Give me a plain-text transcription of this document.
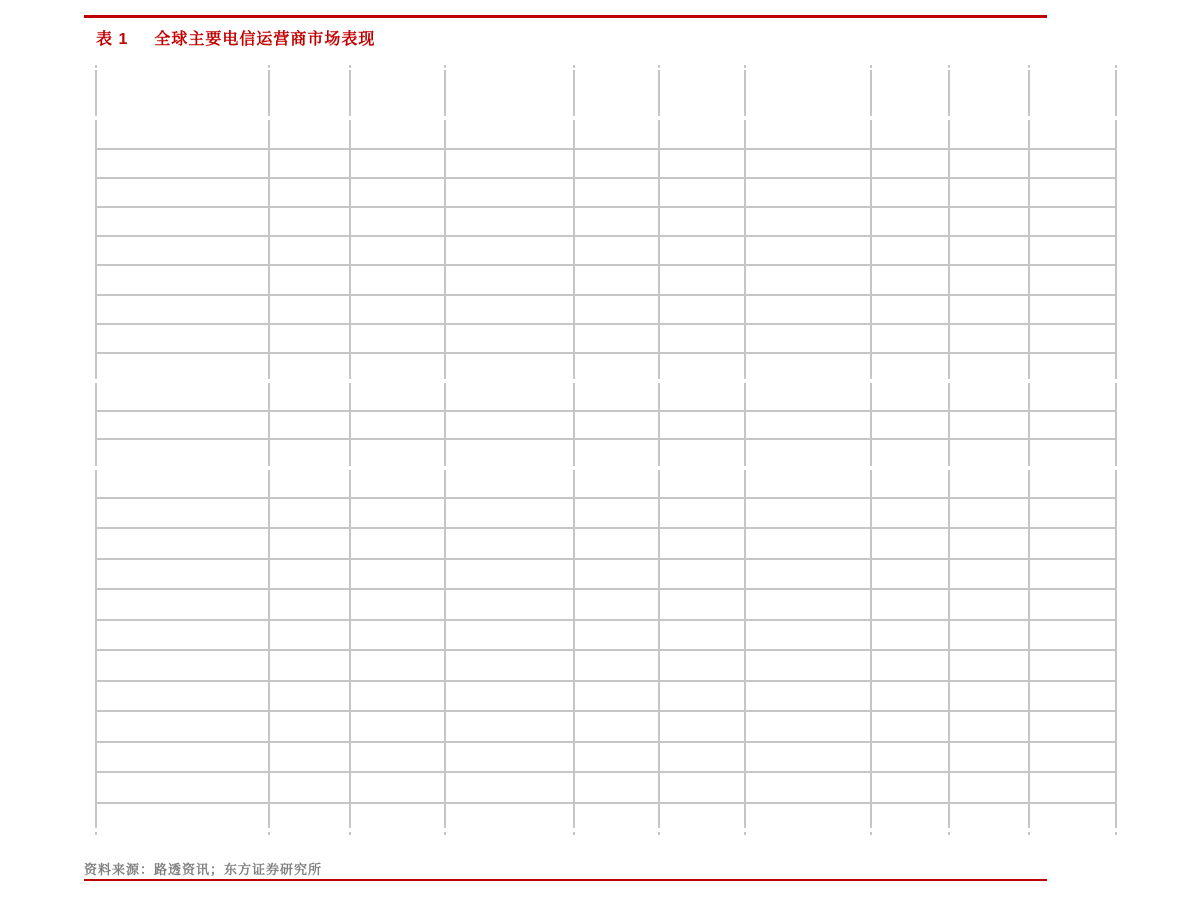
表 1 全球主要电信运营商市场表现
资料来源：路透资讯；东方证券研究所
